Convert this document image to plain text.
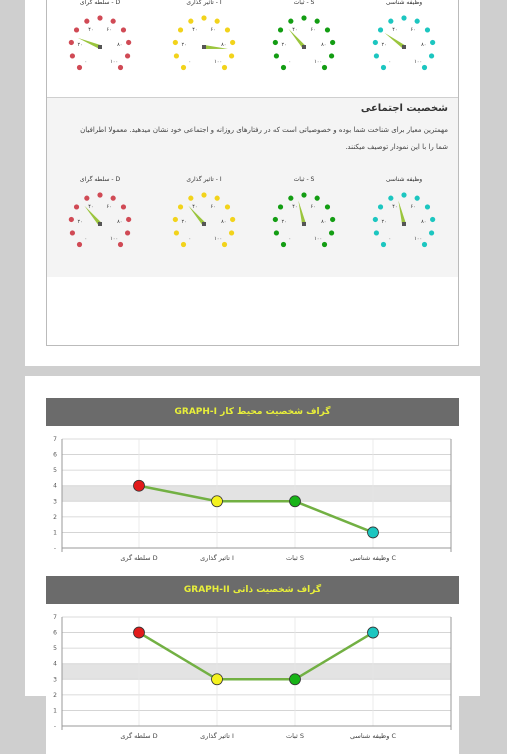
سلطه گرای - D
۰
۲۰
۴۰	۶۰
۸۰
۱۰۰
تاثیر گذاری - I
۰
۲۰
۴۰	۶۰
۸۰
۱۰۰
ثبات - S
۰
۲۰
۴۰	۶۰
۸۰
۱۰۰
وظیفه شناسی
۰
۲۰
۴۰	۶۰
۸۰
۱۰۰
شخصیت اجتماعی
مهمترین معیار برای شناخت شما بوده و خصوصیاتی است که در رفتارهای روزانه و اجتماعی خود نشان میدهید. معمولا اطرافیان شما را با این نمودار توصیف میکنند.
سلطه گرای - D
۰
۲۰
۴۰	۶۰
۸۰
۱۰۰
تاثیر گذاری - I
۰
۲۰
۴۰	۶۰
۸۰
۱۰۰
ثبات - S
۰
۲۰
۴۰	۶۰
۸۰
۱۰۰
وظیفه شناسی
۰
۲۰
۴۰	۶۰
۸۰
۱۰۰
گراف شخصیت محیط کار GRAPH-I
-
1
2
3
4
5
6
7
سلطه گری D	تاثیر گذاری I	ثبات S	وظیفه شناسی C
گراف شخصیت ذاتی GRAPH-II
-
1
2
3
4
5
6
7
سلطه گری D	تاثیر گذاری I	ثبات S	وظیفه شناسی C
